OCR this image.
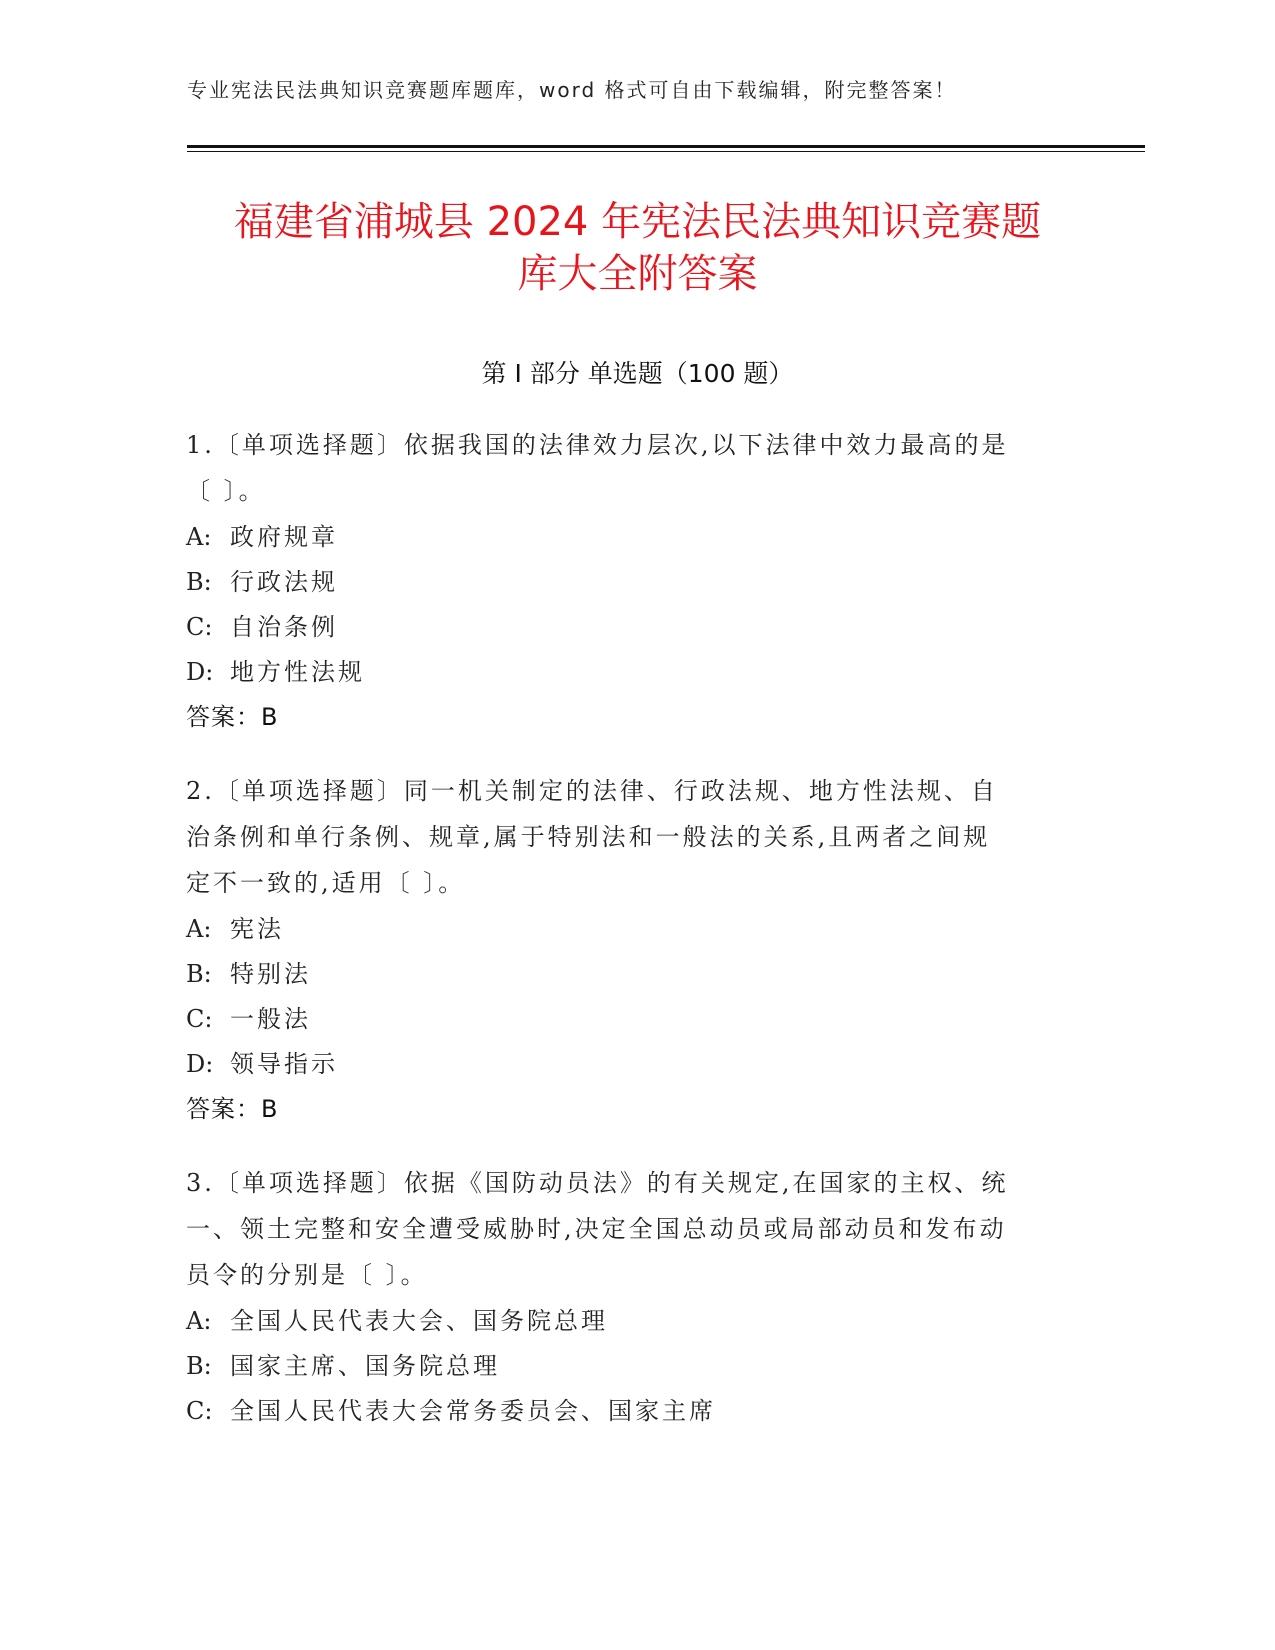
专业宪法民法典知识竞赛题库题库，word 格式可自由下载编辑，附完整答案！
福建省浦城县 2024 年宪法民法典知识竞赛题
库大全附答案
第 I 部分 单选题（100 题）
1.〔单项选择题〕依据我国的法律效力层次,以下法律中效力最高的是
〔 〕。
A: 政府规章
B: 行政法规
C: 自治条例
D: 地方性法规
答案：B
2.〔单项选择题〕同一机关制定的法律、行政法规、地方性法规、自
治条例和单行条例、规章,属于特别法和一般法的关系,且两者之间规
定不一致的,适用〔 〕。
A: 宪法
B: 特别法
C: 一般法
D: 领导指示
答案：B
3.〔单项选择题〕依据《国防动员法》的有关规定,在国家的主权、统
一、领土完整和安全遭受威胁时,决定全国总动员或局部动员和发布动
员令的分别是〔 〕。
A: 全国人民代表大会、国务院总理
B: 国家主席、国务院总理
C: 全国人民代表大会常务委员会、国家主席
